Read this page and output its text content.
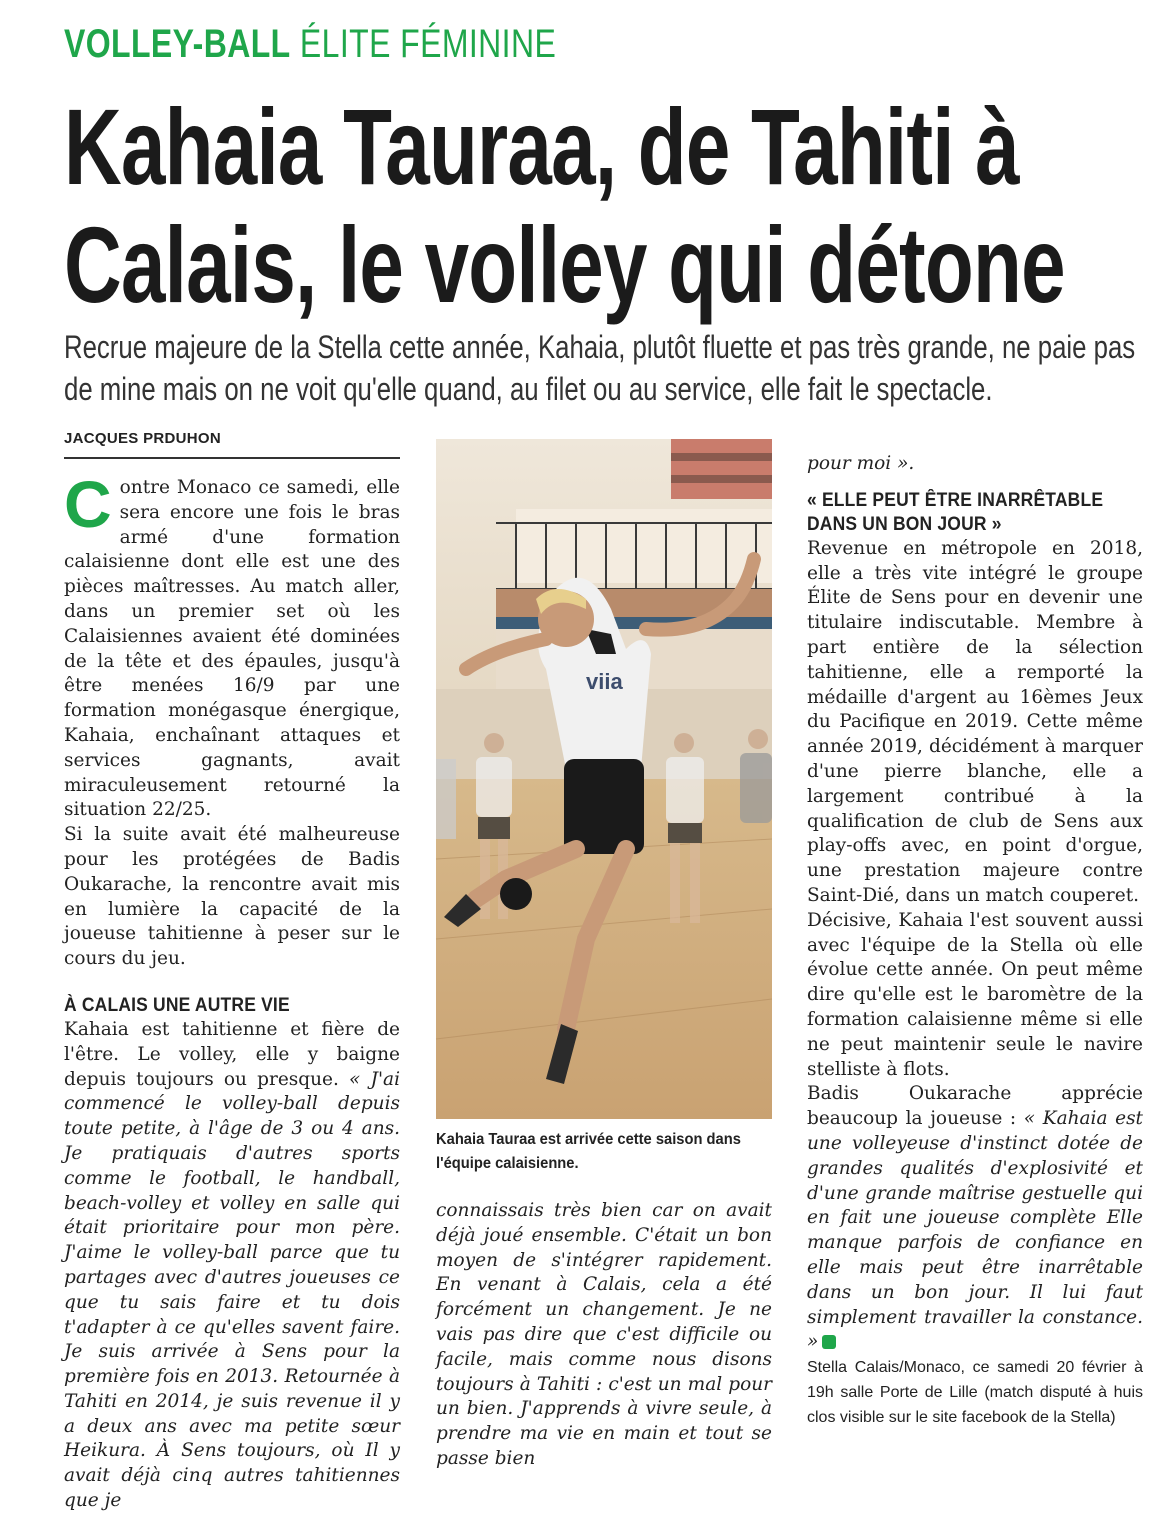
VOLLEY-BALL ÉLITE FÉMININE
Kahaia Tauraa, de Tahiti à Calais, le volley qui détone

Recrue majeure de la Stella cette année, Kahaia, plutôt fluette et pas très grande, ne paie pas de mine mais on ne voit qu'elle quand, au filet ou au service, elle fait le spectacle.

JACQUES PRDUHON

Contre Monaco ce samedi, elle sera encore une fois le bras armé d'une formation calaisienne dont elle est une des pièces maîtresses. Au match aller, dans un premier set où les Calaisiennes avaient été dominées de la tête et des épaules, jusqu'à être menées 16/9 par une formation monégasque énergique, Kahaia, enchaînant attaques et services gagnants, avait miraculeusement retourné la situation 22/25.

Si la suite avait été malheureuse pour les protégées de Badis Oukarache, la rencontre avait mis en lumière la capacité de la joueuse tahitienne à peser sur le cours du jeu.

À CALAIS UNE AUTRE VIE

Kahaia est tahitienne et fière de l'être. Le volley, elle y baigne depuis toujours ou presque. « J'ai commencé le volley-ball depuis toute petite, à l'âge de 3 ou 4 ans. Je pratiquais d'autres sports comme le football, le handball, beach-volley et volley en salle qui était prioritaire pour mon père. J'aime le volley-ball parce que tu partages avec d'autres joueuses ce que tu sais faire et tu dois t'adapter à ce qu'elles savent faire. Je suis arrivée à Sens pour la première fois en 2013. Retournée à Tahiti en 2014, je suis revenue il y a deux ans avec ma petite sœur Heikura. À Sens toujours, où Il y avait déjà cinq autres tahitiennes que je

viia
Kahaia Tauraa est arrivée cette saison dans l'équipe calaisienne.

connaissais très bien car on avait déjà joué ensemble. C'était un bon moyen de s'intégrer rapidement. En venant à Calais, cela a été forcément un changement. Je ne vais pas dire que c'est difficile ou facile, mais comme nous disons toujours à Tahiti : c'est un mal pour un bien. J'apprends à vivre seule, à prendre ma vie en main et tout se passe bien

pour moi ».

« ELLE PEUT ÊTRE INARRÊTABLE DANS UN BON JOUR »

Revenue en métropole en 2018, elle a très vite intégré le groupe Élite de Sens pour en devenir une titulaire indiscutable. Membre à part entière de la sélection tahitienne, elle a remporté la médaille d'argent au 16èmes Jeux du Pacifique en 2019. Cette même année 2019, décidément à marquer d'une pierre blanche, elle a largement contribué à la qualification de club de Sens aux play-offs avec, en point d'orgue, une prestation majeure contre Saint-Dié, dans un match couperet.

Décisive, Kahaia l'est souvent aussi avec l'équipe de la Stella où elle évolue cette année. On peut même dire qu'elle est le baromètre de la formation calaisienne même si elle ne peut maintenir seule le navire stelliste à flots.

Badis Oukarache apprécie beaucoup la joueuse : « Kahaia est une volleyeuse d'instinct dotée de grandes qualités d'explosivité et d'une grande maîtrise gestuelle qui en fait une joueuse complète Elle manque parfois de confiance en elle mais peut être inarrêtable dans un bon jour. Il lui faut simplement travailler la constance. »

Stella Calais/Monaco, ce samedi 20 février à 19h salle Porte de Lille (match disputé à huis clos visible sur le site facebook de la Stella)
